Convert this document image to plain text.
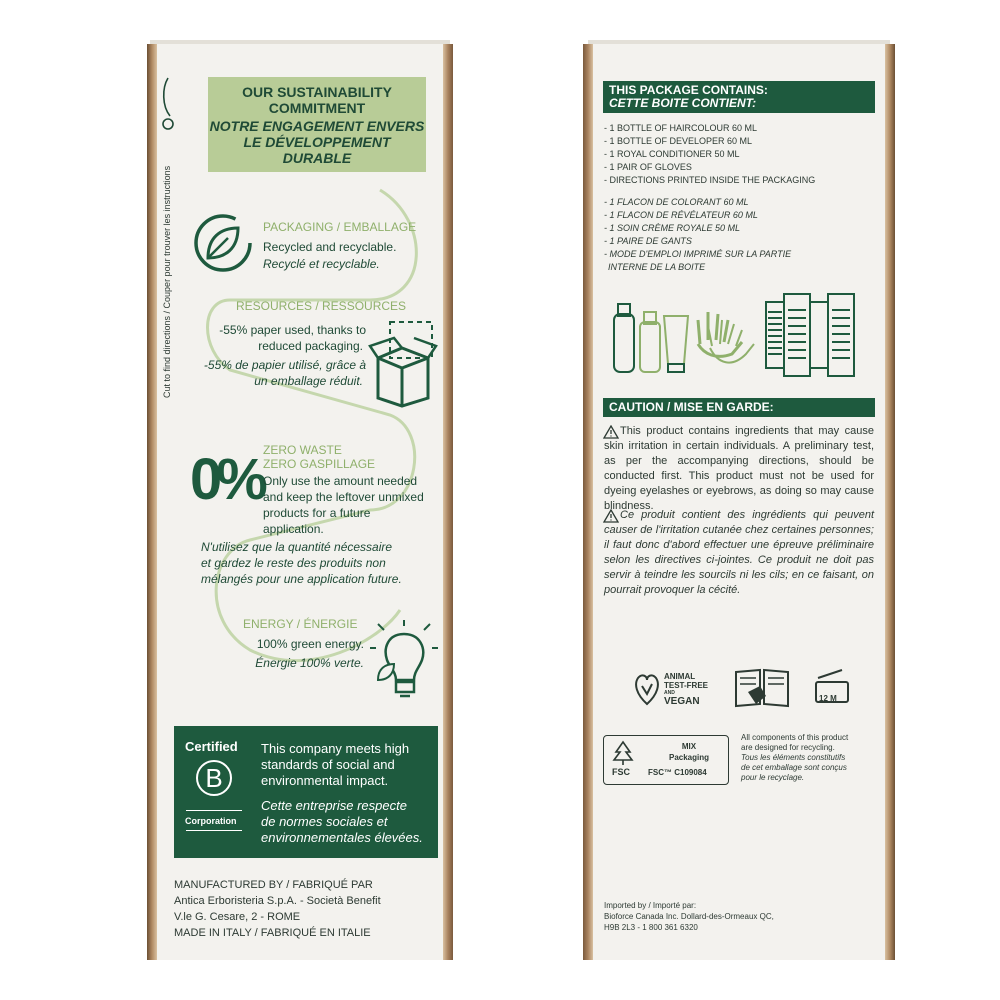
Cut to find directions / Couper pour trouver les instructions
OUR SUSTAINABILITY
COMMITMENT
NOTRE ENGAGEMENT ENVERS
LE DÉVELOPPEMENT DURABLE
PACKAGING / EMBALLAGE
Recycled and recyclable.
Recyclé et recyclable.
RESOURCES / RESSOURCES
-55% paper used, thanks to
reduced packaging.
-55% de papier utilisé, grâce à
un emballage réduit.
ZERO WASTE
ZERO GASPILLAGE
0% Only use the amount needed
and keep the leftover unmixed
products for a future
application.
N'utilisez que la quantité nécessaire
et gardez le reste des produits non
mélangés pour une application future.
ENERGY / ÉNERGIE
100% green energy.
Énergie 100% verte.
Certified
B
Corporation
This company meets high
standards of social and
environmental impact.
Cette entreprise respecte
de normes sociales et
environnementales élevées.
MANUFACTURED BY / FABRIQUÉ PAR
Antica Erboristeria S.p.A. - Società Benefit
V.le G. Cesare, 2 - ROME
MADE IN ITALY / FABRIQUÉ EN ITALIE
THIS PACKAGE CONTAINS:
CETTE BOITE CONTIENT:
- 1 BOTTLE OF HAIRCOLOUR 60 ML
- 1 BOTTLE OF DEVELOPER 60 ML
- 1 ROYAL CONDITIONER 50 ML
- 1 PAIR OF GLOVES
- DIRECTIONS PRINTED INSIDE THE PACKAGING
- 1 FLACON DE COLORANT 60 ML
- 1 FLACON DE RÉVÉLATEUR 60 ML
- 1 SOIN CRÈME ROYALE 50 ML
- 1 PAIRE DE GANTS
- MODE D'EMPLOI IMPRIMÉ SUR LA PARTIE
INTERNE DE LA BOITE
CAUTION / MISE EN GARDE:
This product contains ingredients that may cause skin irritation in certain individuals. A preliminary test, as per the accompanying directions, should be conducted first. This product must not be used for dyeing eyelashes or eyebrows, as doing so may cause blindness.
Ce produit contient des ingrédients qui peuvent causer de l'irritation cutanée chez certaines personnes; il faut donc d'abord effectuer une épreuve préliminaire selon les directives ci-jointes. Ce produit ne doit pas servir à teindre les sourcils ni les cils; en ce faisant, on pourrait provoquer la cécité.
ANIMAL
TEST-FREE
AND
VEGAN	12 M
FSC
MIX
Packaging
FSC™ C109084
All components of this product
are designed for recycling.
Tous les éléments constitutifs
de cet emballage sont conçus
pour le recyclage.
Imported by / Importé par:
Bioforce Canada Inc. Dollard-des-Ormeaux QC,
H9B 2L3 - 1 800 361 6320
